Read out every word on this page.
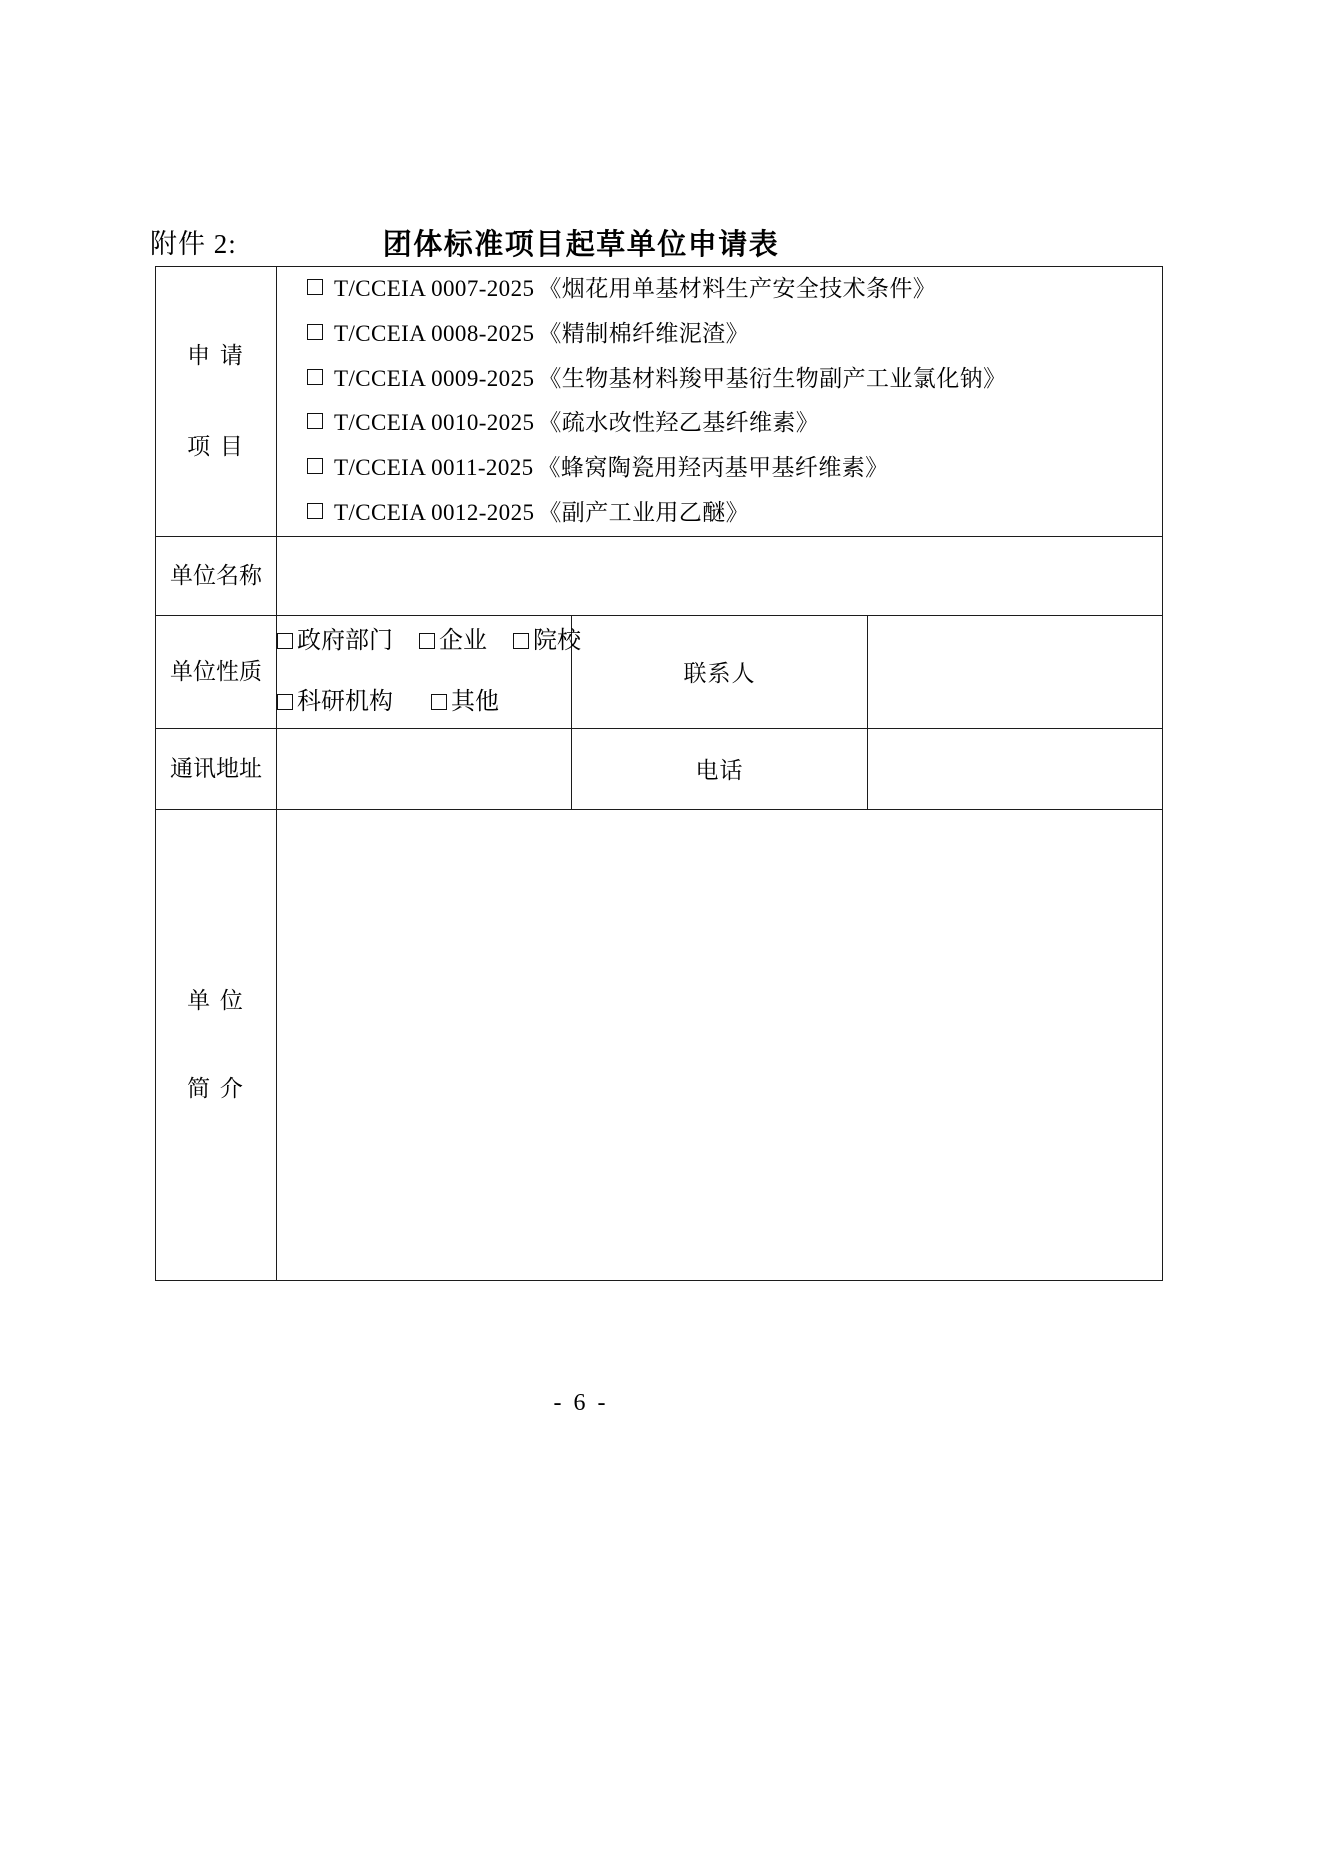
附件 2:	团体标准项目起草单位申请表
申 请
项 目

T/CCEIA 0007-2025 《烟花用单基材料生产安全技术条件》
T/CCEIA 0008-2025 《精制棉纤维泥渣》
T/CCEIA 0009-2025 《生物基材料羧甲基衍生物副产工业氯化钠》
T/CCEIA 0010-2025 《疏水改性羟乙基纤维素》
T/CCEIA 0011-2025 《蜂窝陶瓷用羟丙基甲基纤维素》
T/CCEIA 0012-2025 《副产工业用乙醚》

单位名称			
单位性质	政府部门 企业 院校
科研机构 其他	联系人	
通讯地址		电话	

单 位
简 介			

- 6 -
